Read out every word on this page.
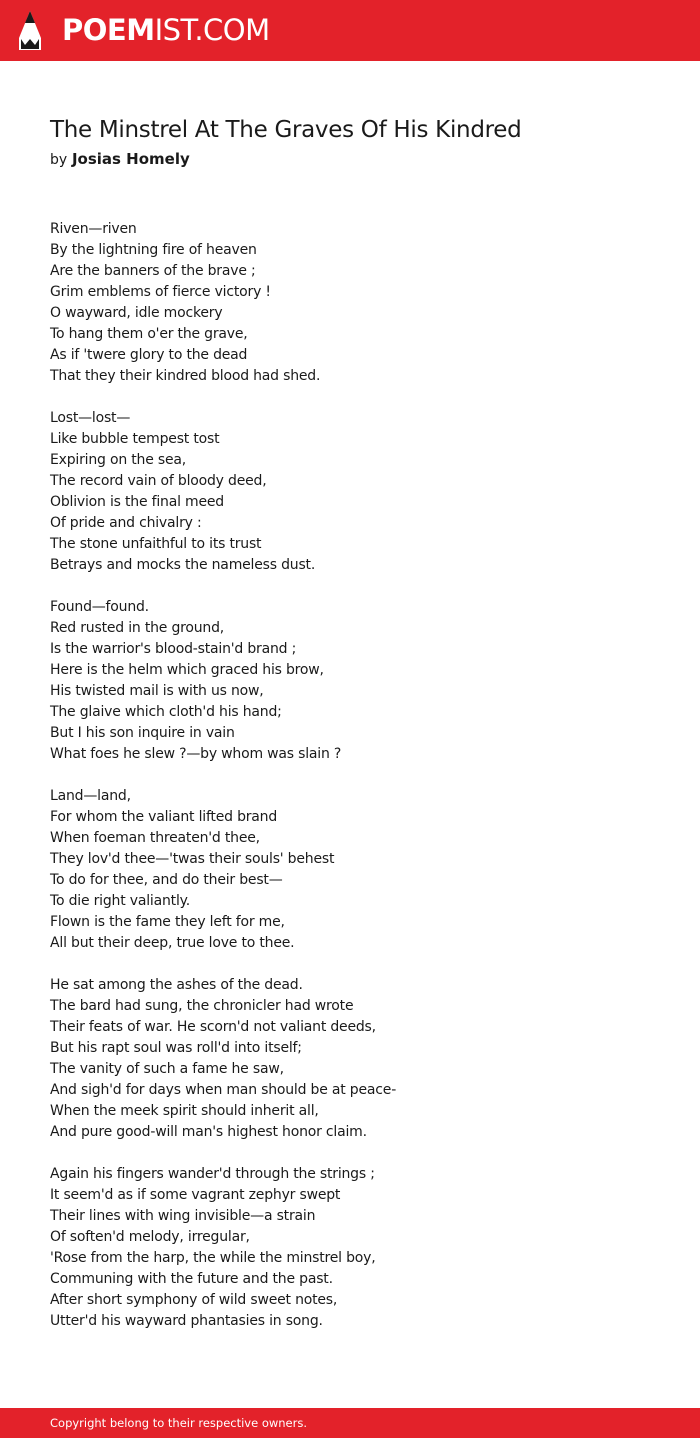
POEMIST.COM
The Minstrel At The Graves Of His Kindred
by Josias Homely
Riven—riven
By the lightning fire of heaven
Are the banners of the brave ;
Grim emblems of fierce victory !
O wayward, idle mockery
To hang them o'er the grave,
As if 'twere glory to the dead
That they their kindred blood had shed.
Lost—lost—
Like bubble tempest tost
Expiring on the sea,
The record vain of bloody deed,
Oblivion is the final meed
Of pride and chivalry :
The stone unfaithful to its trust
Betrays and mocks the nameless dust.
Found—found.
Red rusted in the ground,
Is the warrior's blood-stain'd brand ;
Here is the helm which graced his brow,
His twisted mail is with us now,
The glaive which cloth'd his hand;
But I his son inquire in vain
What foes he slew ?—by whom was slain ?
Land—land,
For whom the valiant lifted brand
When foeman threaten'd thee,
They lov'd thee—'twas their souls' behest
To do for thee, and do their best—
To die right valiantly.
Flown is the fame they left for me,
All but their deep, true love to thee.
He sat among the ashes of the dead.
The bard had sung, the chronicler had wrote
Their feats of war. He scorn'd not valiant deeds,
But his rapt soul was roll'd into itself;
The vanity of such a fame he saw,
And sigh'd for days when man should be at peace-
When the meek spirit should inherit all,
And pure good-will man's highest honor claim.
Again his fingers wander'd through the strings ;
It seem'd as if some vagrant zephyr swept
Their lines with wing invisible—a strain
Of soften'd melody, irregular,
'Rose from the harp, the while the minstrel boy,
Communing with the future and the past.
After short symphony of wild sweet notes,
Utter'd his wayward phantasies in song.
Copyright belong to their respective owners.
